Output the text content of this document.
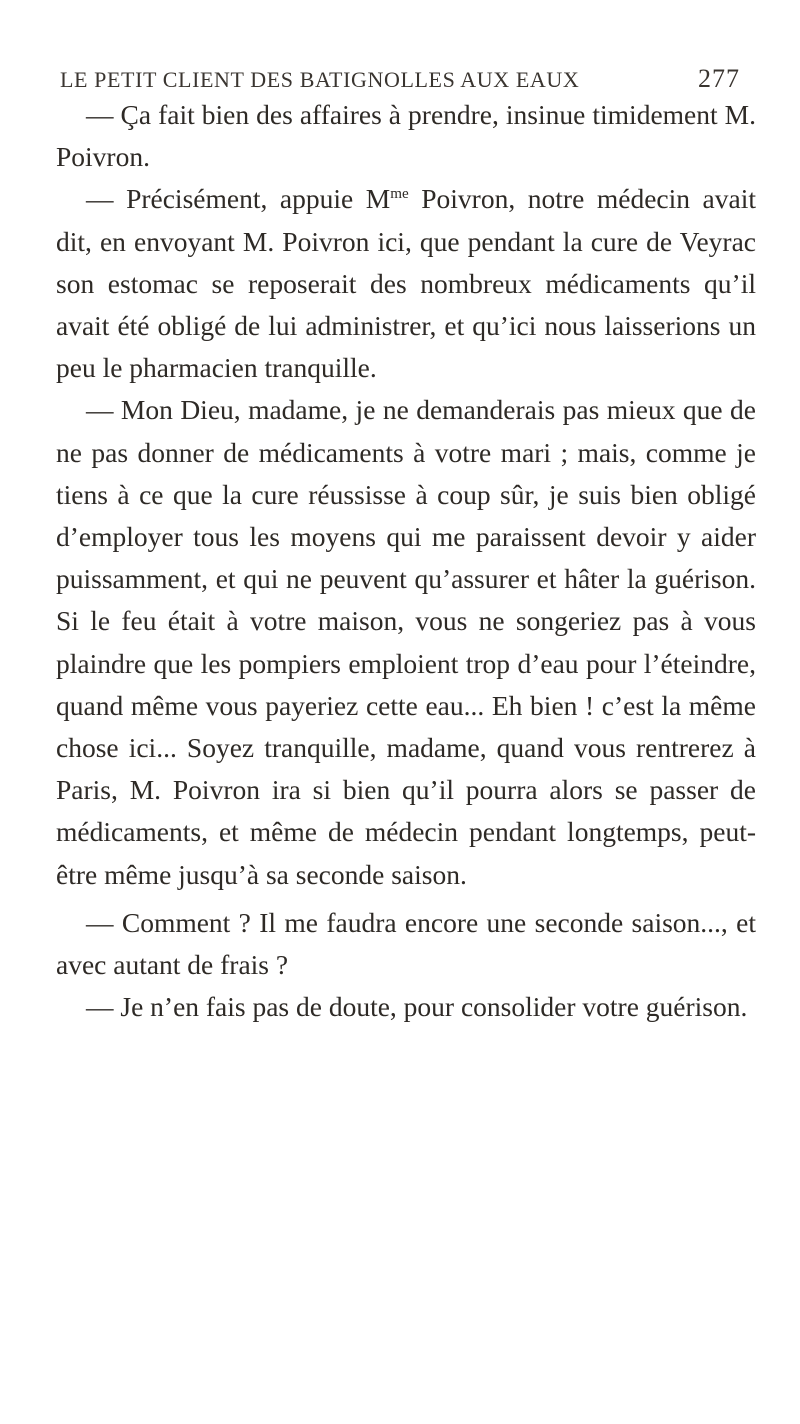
LE PETIT CLIENT DES BATIGNOLLES AUX EAUX	277

— Ça fait bien des affaires à prendre, insinue timidement M. Poivron.

— Précisément, appuie $M^{me}$ Poivron, notre médecin avait dit, en envoyant M. Poivron ici, que pendant la cure de Veyrac son estomac se reposerait des nombreux médicaments qu’il avait été obligé de lui administrer, et qu’ici nous laisserions un peu le pharmacien tranquille.

— Mon Dieu, madame, je ne demanderais pas mieux que de ne pas donner de médicaments à votre mari ; mais, comme je tiens à ce que la cure réussisse à coup sûr, je suis bien obligé d’employer tous les moyens qui me paraissent devoir y aider puissamment, et qui ne peuvent qu’assurer et hâter la guérison. Si le feu était à votre maison, vous ne songeriez pas à vous plaindre que les pompiers emploient trop d’eau pour l’éteindre, quand même vous payeriez cette eau... Eh bien ! c’est la même chose ici... Soyez tranquille, madame, quand vous rentrerez à Paris, M. Poivron ira si bien qu’il pourra alors se passer de médicaments, et même de médecin pendant longtemps, peut-être même jusqu’à sa seconde saison.

— Comment ? Il me faudra encore une seconde saison..., et avec autant de frais ?

— Je n’en fais pas de doute, pour consolider votre guérison.
